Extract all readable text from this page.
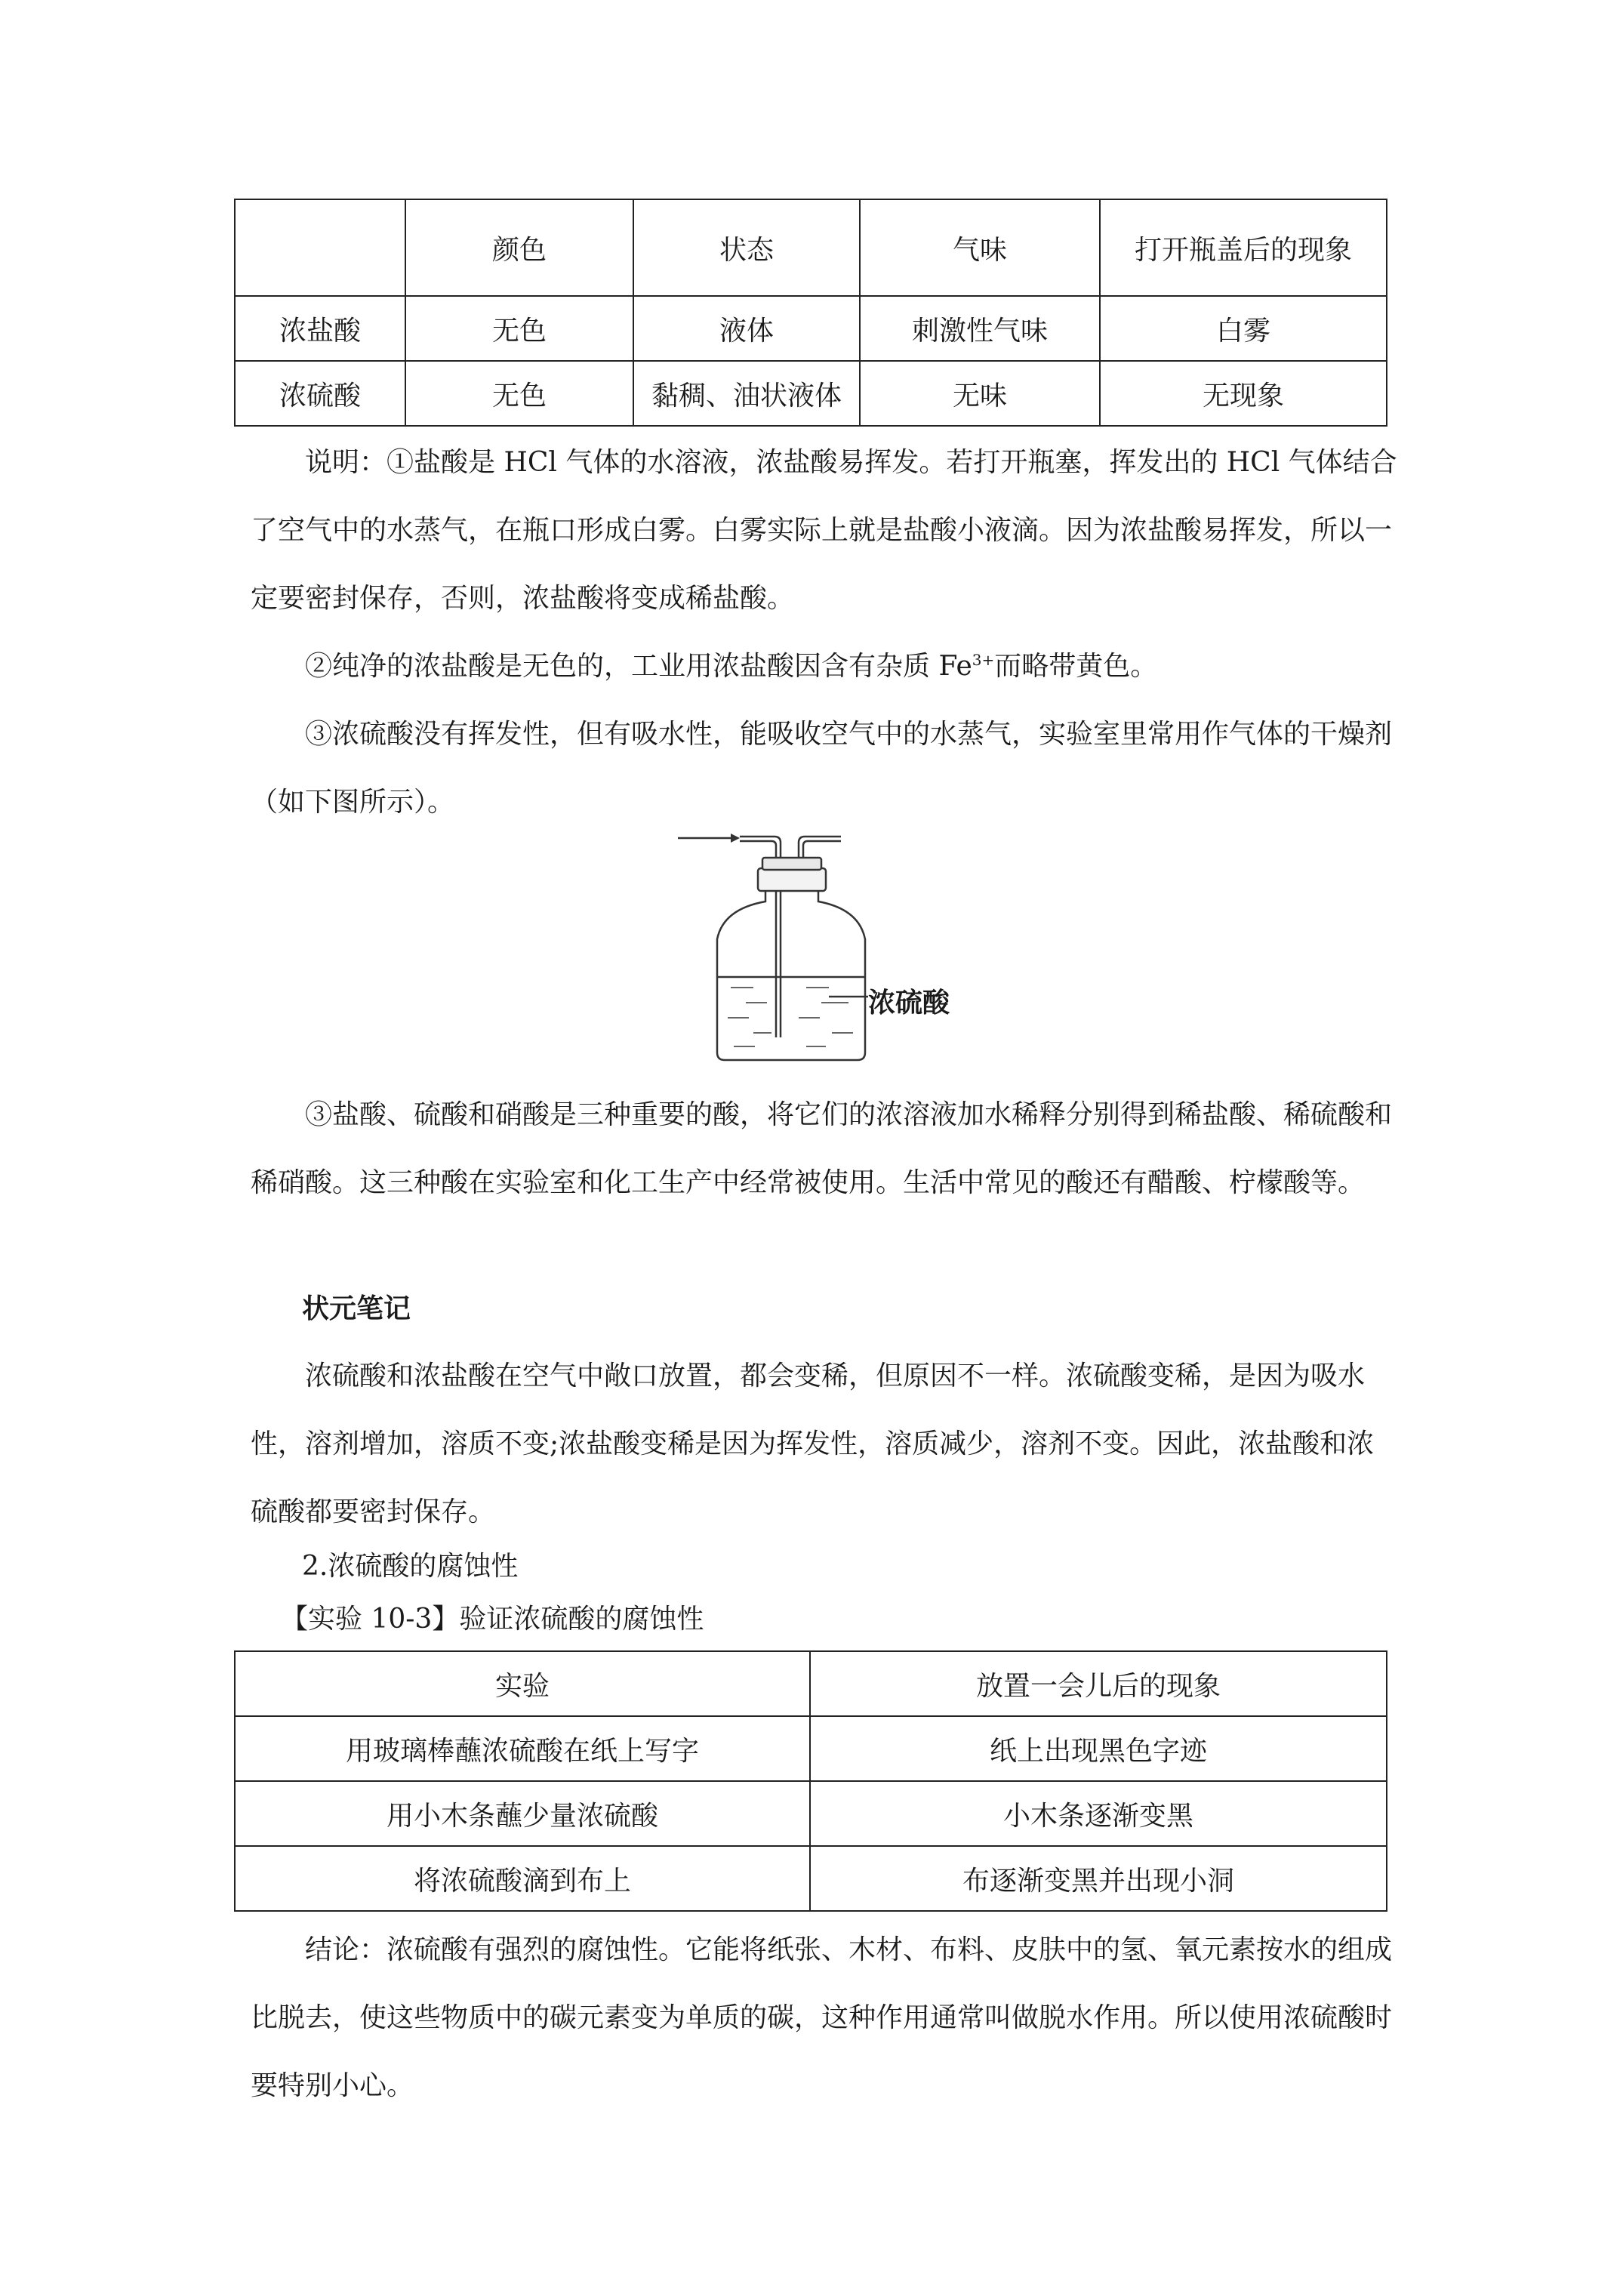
	颜色	状态	气味	打开瓶盖后的现象
浓盐酸	无色	液体	刺激性气味	白雾
浓硫酸	无色	黏稠、油状液体	无味	无现象

说明：①盐酸是 HCl 气体的水溶液，浓盐酸易挥发。若打开瓶塞，挥发出的 HCl 气体结合了空气中的水蒸气，在瓶口形成白雾。白雾实际上就是盐酸小液滴。因为浓盐酸易挥发，所以一定要密封保存，否则，浓盐酸将变成稀盐酸。

②纯净的浓盐酸是无色的，工业用浓盐酸因含有杂质 $Fe^{3+}$而略带黄色。

③浓硫酸没有挥发性，但有吸水性，能吸收空气中的水蒸气，实验室里常用作气体的干燥剂（如下图所示）。

浓硫酸

③盐酸、硫酸和硝酸是三种重要的酸，将它们的浓溶液加水稀释分别得到稀盐酸、稀硫酸和稀硝酸。这三种酸在实验室和化工生产中经常被使用。生活中常见的酸还有醋酸、柠檬酸等。

状元笔记

浓硫酸和浓盐酸在空气中敞口放置，都会变稀，但原因不一样。浓硫酸变稀，是因为吸水性，溶剂增加，溶质不变;浓盐酸变稀是因为挥发性，溶质减少，溶剂不变。因此，浓盐酸和浓硫酸都要密封保存。

2.浓硫酸的腐蚀性

【实验 10-3】验证浓硫酸的腐蚀性

实验	放置一会儿后的现象
用玻璃棒蘸浓硫酸在纸上写字	纸上出现黑色字迹
用小木条蘸少量浓硫酸	小木条逐渐变黑
将浓硫酸滴到布上	布逐渐变黑并出现小洞

结论：浓硫酸有强烈的腐蚀性。它能将纸张、木材、布料、皮肤中的氢、氧元素按水的组成比脱去，使这些物质中的碳元素变为单质的碳，这种作用通常叫做脱水作用。所以使用浓硫酸时要特别小心。
